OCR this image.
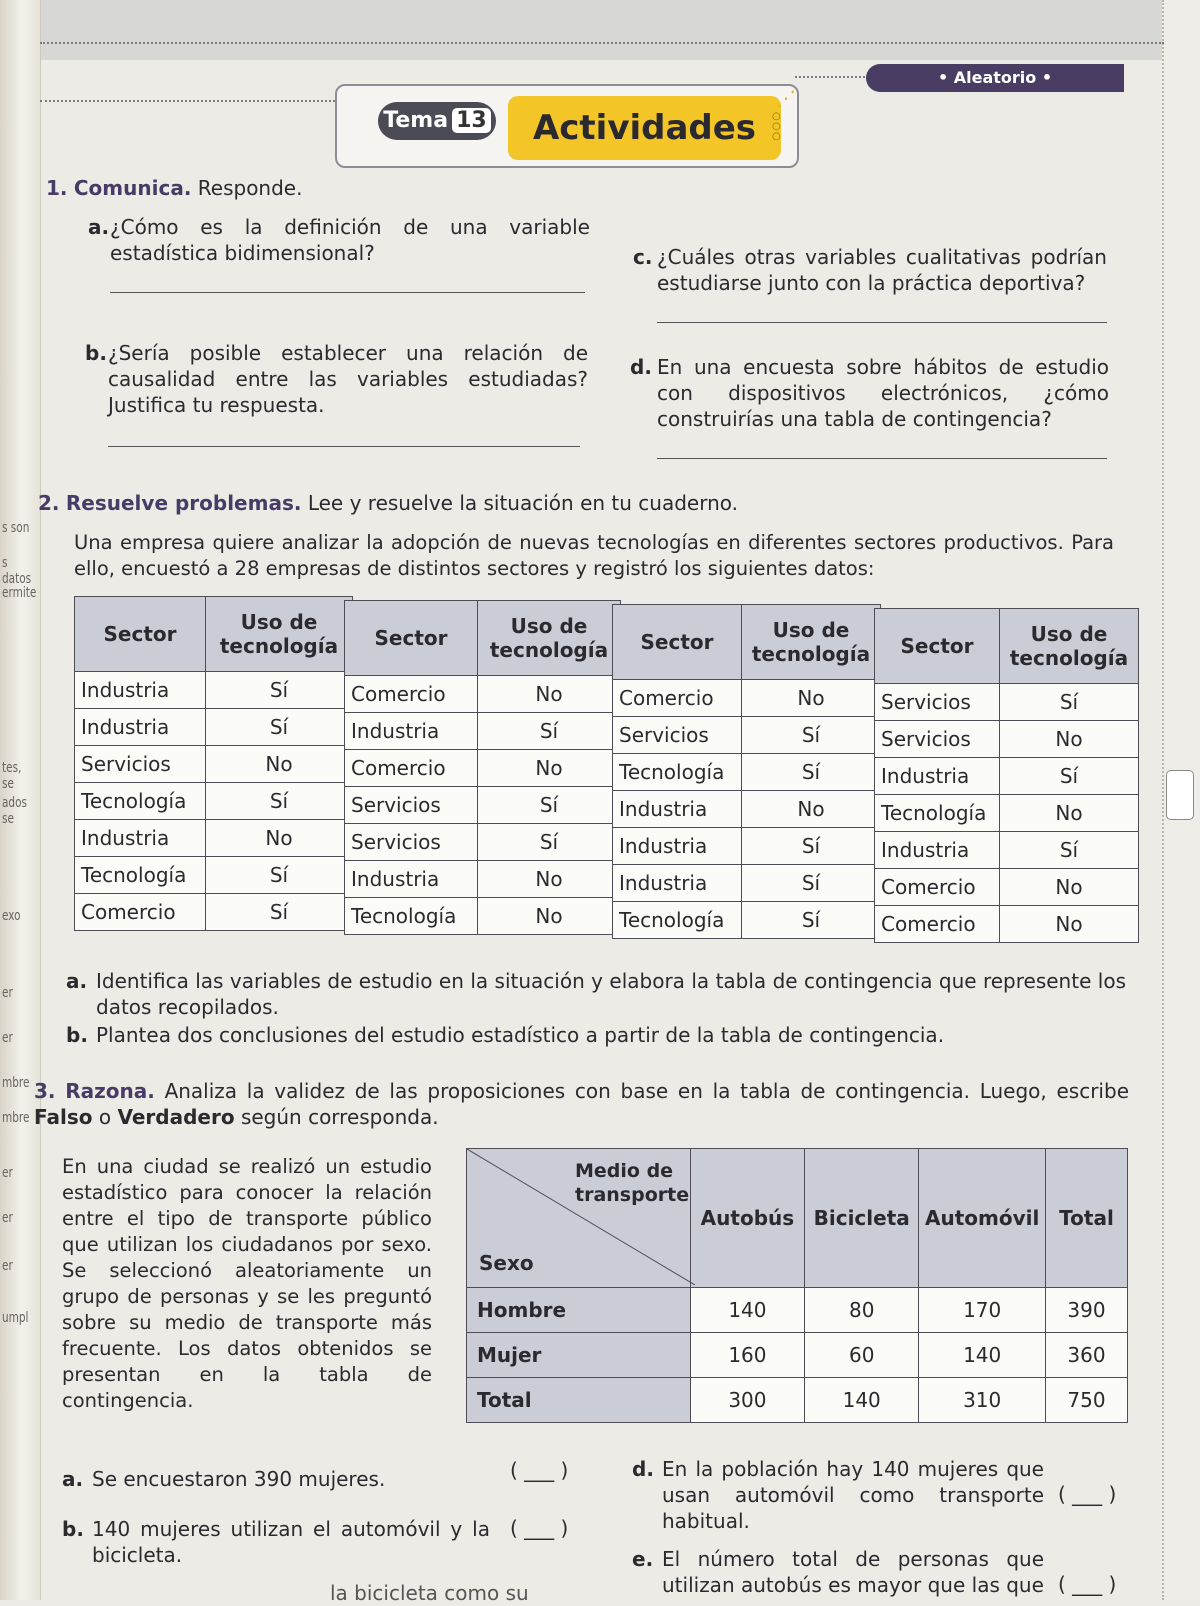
s son
s datos
ermite
tes, se
ados se
exo
er
er
mbre
mbre
er
er
er
umpl
• Aleatorio •
Tema 13	Actividades	○
○
○
⋰
1. Comunica. Responde.
a. ¿Cómo es la definición de una variable estadística bidimensional?	c. ¿Cuáles otras variables cualitativas podrían estudiarse junto con la práctica deportiva?
b. ¿Sería posible establecer una relación de causalidad entre las variables estudiadas? Justifica tu respuesta.
d. En una encuesta sobre hábitos de estudio con dispositivos electrónicos, ¿cómo construirías una tabla de contingencia?
2. Resuelve problemas. Lee y resuelve la situación en tu cuaderno.
Una empresa quiere analizar la adopción de nuevas tecnologías en diferentes sectores productivos. Para ello, encuestó a 28 empresas de distintos sectores y registró los siguientes datos:
Sector	Uso de tecnología
Industria	Sí
Industria	Sí
Servicios	No
Tecnología	Sí
Industria	No
Tecnología	Sí
Comercio	Sí
Sector	Uso de tecnología
Comercio	No
Industria	Sí
Comercio	No
Servicios	Sí
Servicios	Sí
Industria	No
Tecnología	No
Sector	Uso de tecnología
Comercio	No
Servicios	Sí
Tecnología	Sí
Industria	No
Industria	Sí
Industria	Sí
Tecnología	Sí
Sector	Uso de tecnología
Servicios	Sí
Servicios	No
Industria	Sí
Tecnología	No
Industria	Sí
Comercio	No
Comercio	No
a. Identifica las variables de estudio en la situación y elabora la tabla de contingencia que represente los datos recopilados.
b. Plantea dos conclusiones del estudio estadístico a partir de la tabla de contingencia.
3. Razona. Analiza la validez de las proposiciones con base en la tabla de contingencia. Luego, escribe Falso o Verdadero según corresponda.
En una ciudad se realizó un estudio estadístico para conocer la relación entre el tipo de transporte público que utilizan los ciudadanos por sexo. Se seleccionó aleatoriamente un grupo de personas y se les preguntó sobre su medio de transporte más frecuente. Los datos obtenidos se presentan en la tabla de contingencia.
Medio de transporte
Sexo	Autobús	Bicicleta	Automóvil	Total
Hombre	140	80	170	390
Mujer	160	60	140	360
Total	300	140	310	750
a. Se encuestaron 390 mujeres.	( ___ )
b. 140 mujeres utilizan el automóvil y la bicicleta.
( ___ )
la bicicleta como su
d. En la población hay 140 mujeres que usan automóvil como transporte habitual.
( ___ )
e. El número total de personas que utilizan autobús es mayor que las que ( ___ )
